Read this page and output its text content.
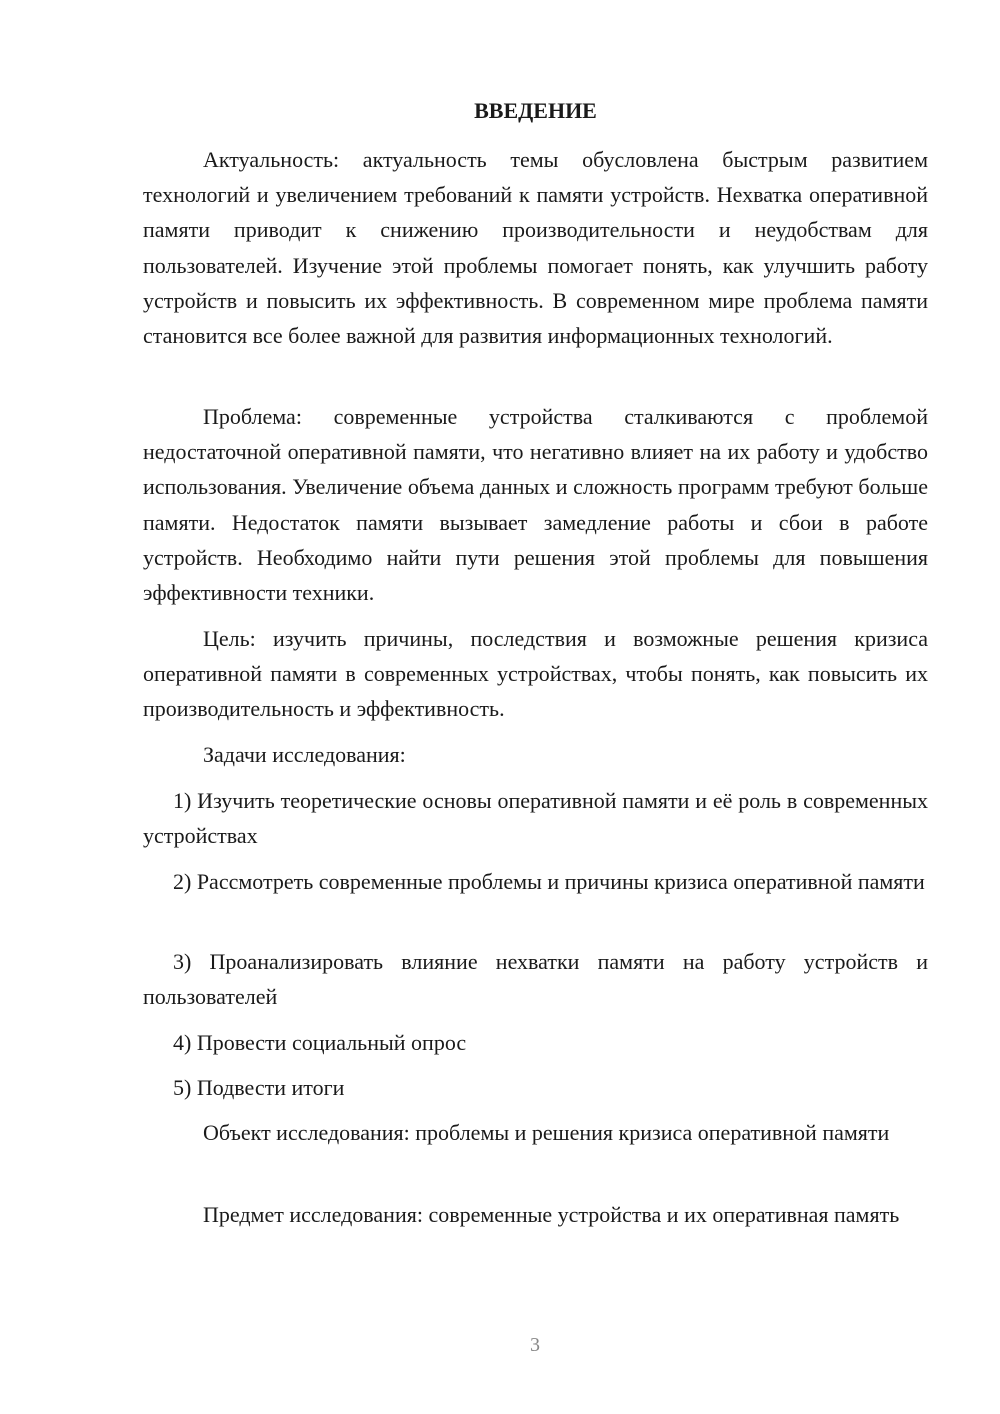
ВВЕДЕНИЕ

Актуальность: актуальность темы обусловлена быстрым развитием технологий и увеличением требований к памяти устройств. Нехватка оперативной памяти приводит к снижению производительности и неудобствам для пользователей. Изучение этой проблемы помогает понять, как улучшить работу устройств и повысить их эффективность. В современном мире проблема памяти становится все более важной для развития информационных технологий.

Проблема: современные устройства сталкиваются с проблемой недостаточной оперативной памяти, что негативно влияет на их работу и удобство использования. Увеличение объема данных и сложность программ требуют больше памяти. Недостаток памяти вызывает замедление работы и сбои в работе устройств. Необходимо найти пути решения этой проблемы для повышения эффективности техники.

Цель: изучить причины, последствия и возможные решения кризиса оперативной памяти в современных устройствах, чтобы понять, как повысить их производительность и эффективность.

Задачи исследования:

1) Изучить теоретические основы оперативной памяти и её роль в современных устройствах

2) Рассмотреть современные проблемы и причины кризиса оперативной памяти

3) Проанализировать влияние нехватки памяти на работу устройств и пользователей

4) Провести социальный опрос

5) Подвести итоги

Объект исследования: проблемы и решения кризиса оперативной памяти

Предмет исследования: современные устройства и их оперативная память

3
